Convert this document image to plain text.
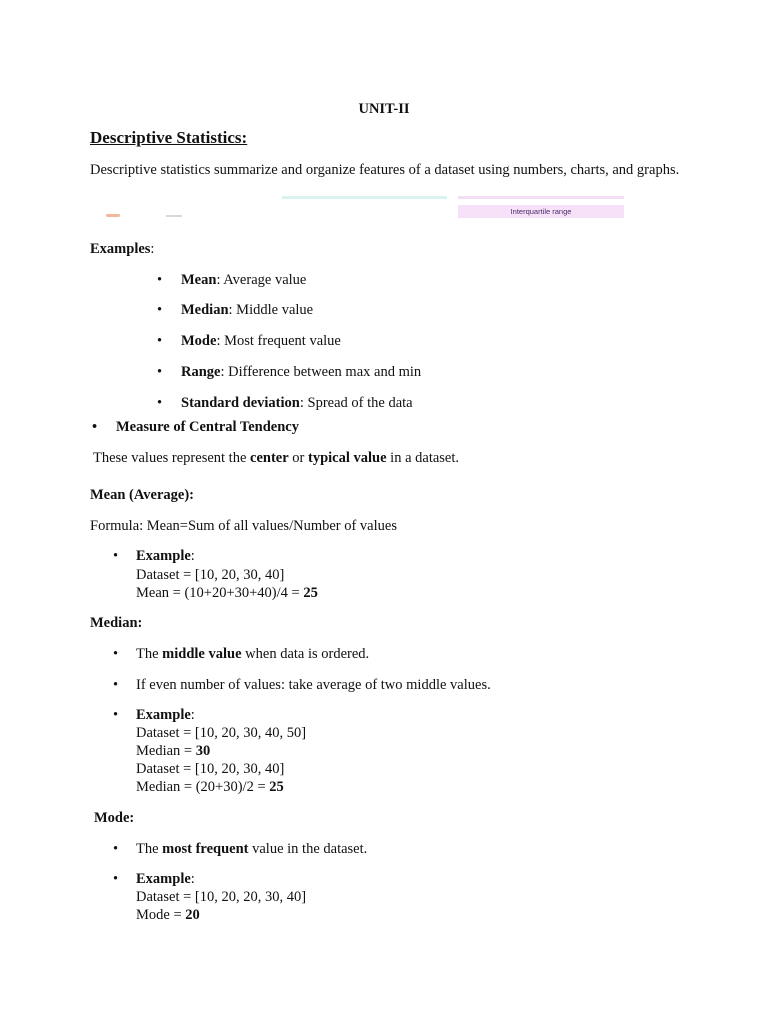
UNIT-II
Descriptive Statistics:
Descriptive statistics summarize and organize features of a dataset using numbers, charts, and graphs.
Interquartile range
Examples:
• Mean: Average value
• Median: Middle value
• Mode: Most frequent value
• Range: Difference between max and min
• Standard deviation: Spread of the data
• Measure of Central Tendency
These values represent the center or typical value in a dataset.
Mean (Average):
Formula: Mean=Sum of all values/Number of values
• Example:
Dataset = [10, 20, 30, 40]
Mean = (10+20+30+40)/4 = 25
Median:
• The middle value when data is ordered.
• If even number of values: take average of two middle values.
• Example:
Dataset = [10, 20, 30, 40, 50]
Median = 30
Dataset = [10, 20, 30, 40]
Median = (20+30)/2 = 25
Mode:
• The most frequent value in the dataset.
• Example:
Dataset = [10, 20, 20, 30, 40]
Mode = 20
